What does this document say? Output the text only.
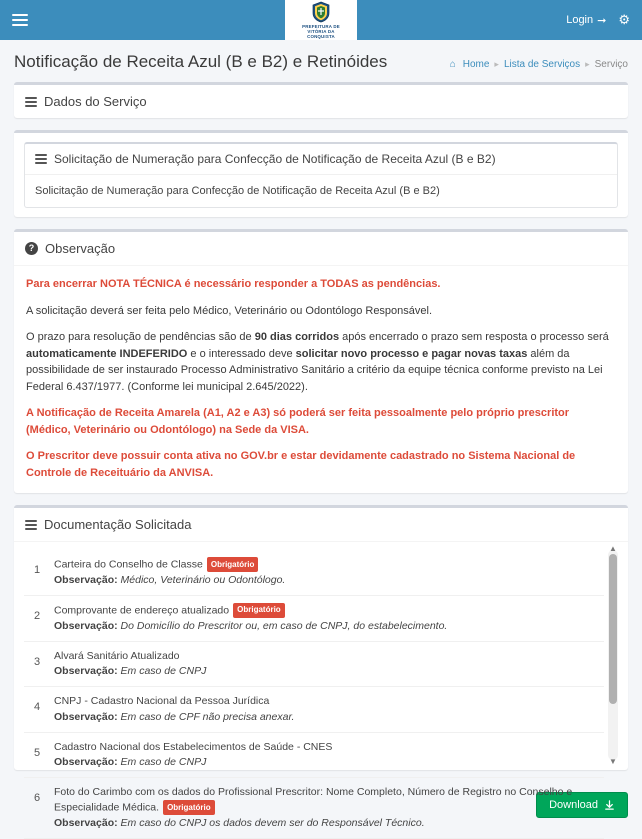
PREFEITURA DE
VITÓRIA DA
CONQUISTA
Login ➞ ⚙
Notificação de Receita Azul (B e B2) e Retinóides	⌂ Home ▸ Lista de Serviços ▸ Serviço
Dados do Serviço
Solicitação de Numeração para Confecção de Notificação de Receita Azul (B e B2)
Solicitação de Numeração para Confecção de Notificação de Receita Azul (B e B2)
? Observação

Para encerrar NOTA TÉCNICA é necessário responder a TODAS as pendências.

A solicitação deverá ser feita pelo Médico, Veterinário ou Odontólogo Responsável.

O prazo para resolução de pendências são de 90 dias corridos após encerrado o prazo sem resposta o processo será automaticamente INDEFERIDO e o interessado deve solicitar novo processo e pagar novas taxas além da possibilidade de ser instaurado Processo Administrativo Sanitário a critério da equipe técnica conforme previsto na Lei Federal 6.437/1977. (Conforme lei municipal 2.645/2022).

A Notificação de Receita Amarela (A1, A2 e A3) só poderá ser feita pessoalmente pelo próprio prescritor (Médico, Veterinário ou Odontólogo) na Sede da VISA.

O Prescritor deve possuir conta ativa no GOV.br e estar devidamente cadastrado no Sistema Nacional de Controle de Receituário da ANVISA.

Documentação Solicitada
1	Carteira do Conselho de Classe Obrigatório
Observação: Médico, Veterinário ou Odontólogo.
2	Comprovante de endereço atualizado Obrigatório
Observação: Do Domicílio do Prescritor ou, em caso de CNPJ, do estabelecimento.
3	Alvará Sanitário Atualizado
Observação: Em caso de CNPJ
4	CNPJ - Cadastro Nacional da Pessoa Jurídica
Observação: Em caso de CPF não precisa anexar.
5	Cadastro Nacional dos Estabelecimentos de Saúde - CNES
Observação: Em caso de CNPJ
6	Foto do Carimbo com os dados do Profissional Prescritor: Nome Completo, Número de Registro no Conselho e Especialidade Médica. Obrigatório
Observação: Em caso do CNPJ os dados devem ser do Responsável Técnico.
▲
▼
Download
